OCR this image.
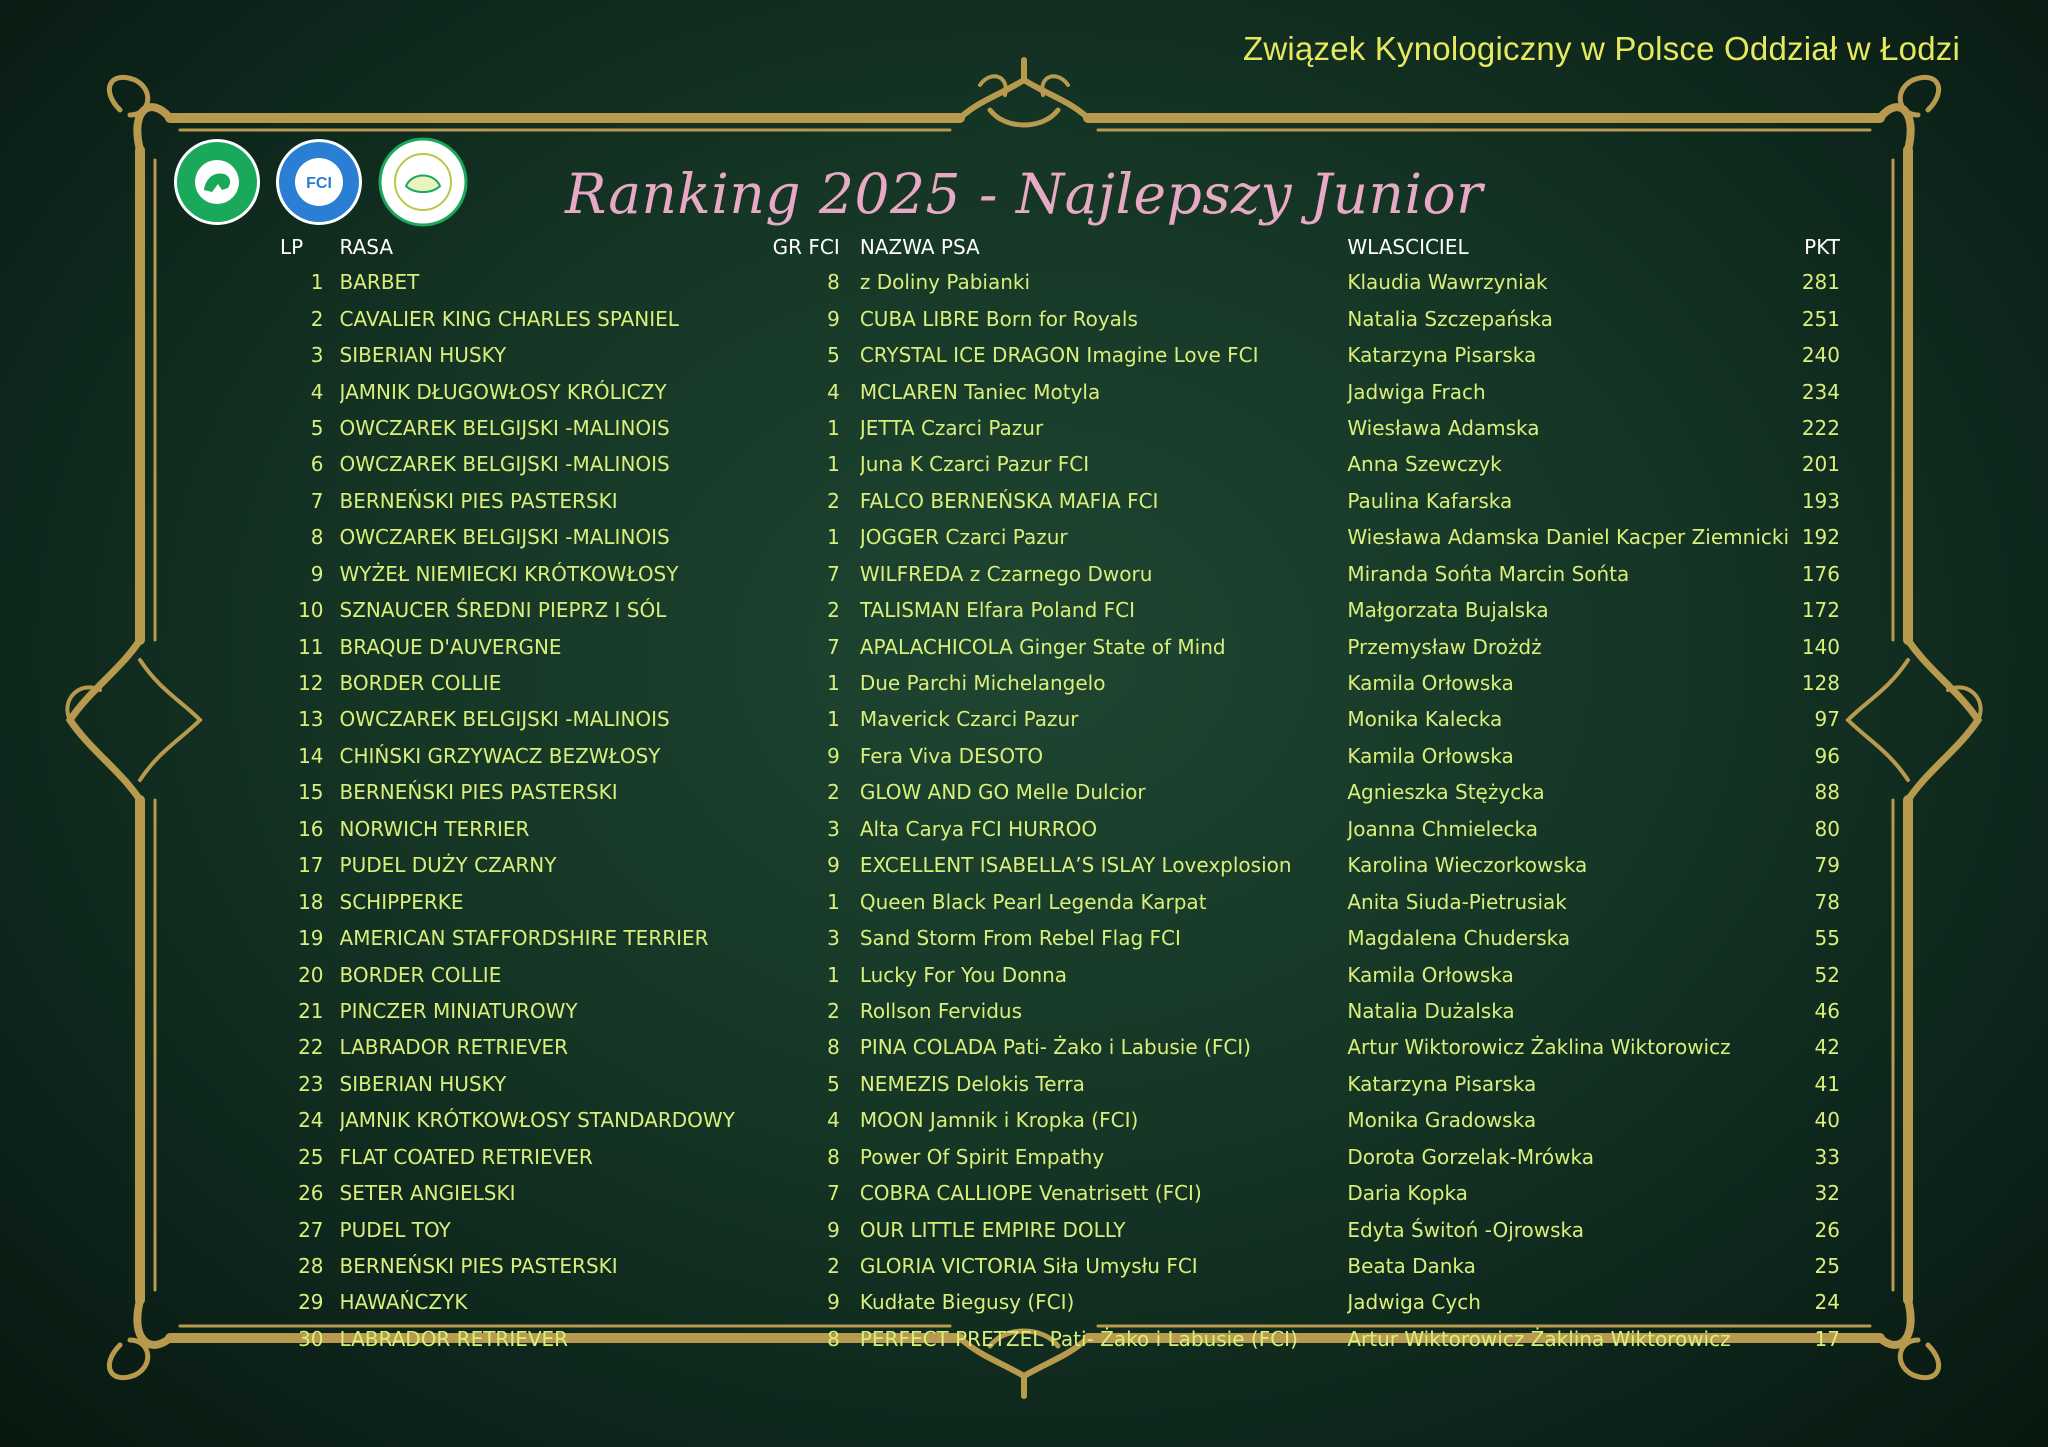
Związek Kynologiczny w Polsce Oddział w Łodzi
FCI	Ranking 2025 - Najlepszy Junior
LP	RASA	GR FCI	NAZWA PSA	WLASCICIEL	PKT
1	BARBET	8	z Doliny Pabianki	Klaudia Wawrzyniak	281
2	CAVALIER KING CHARLES SPANIEL	9	CUBA LIBRE Born for Royals	Natalia Szczepańska	251
3	SIBERIAN HUSKY	5	CRYSTAL ICE DRAGON Imagine Love FCI	Katarzyna Pisarska	240
4	JAMNIK DŁUGOWŁOSY KRÓLICZY	4	MCLAREN Taniec Motyla	Jadwiga Frach	234
5	OWCZAREK BELGIJSKI -MALINOIS	1	JETTA Czarci Pazur	Wiesława Adamska	222
6	OWCZAREK BELGIJSKI -MALINOIS	1	Juna K Czarci Pazur FCI	Anna Szewczyk	201
7	BERNEŃSKI PIES PASTERSKI	2	FALCO BERNEŃSKA MAFIA FCI	Paulina Kafarska	193
8	OWCZAREK BELGIJSKI -MALINOIS	1	JOGGER Czarci Pazur	Wiesława Adamska Daniel Kacper Ziemnicki	192
9	WYŻEŁ NIEMIECKI KRÓTKOWŁOSY	7	WILFREDA z Czarnego Dworu	Miranda Sońta Marcin Sońta	176
10	SZNAUCER ŚREDNI PIEPRZ I SÓL	2	TALISMAN Elfara Poland FCI	Małgorzata Bujalska	172
11	BRAQUE D'AUVERGNE	7	APALACHICOLA Ginger State of Mind	Przemysław Drożdż	140
12	BORDER COLLIE	1	Due Parchi Michelangelo	Kamila Orłowska	128
13	OWCZAREK BELGIJSKI -MALINOIS	1	Maverick Czarci Pazur	Monika Kalecka	97
14	CHIŃSKI GRZYWACZ BEZWŁOSY	9	Fera Viva DESOTO	Kamila Orłowska	96
15	BERNEŃSKI PIES PASTERSKI	2	GLOW AND GO Melle Dulcior	Agnieszka Stężycka	88
16	NORWICH TERRIER	3	Alta Carya FCI HURROO	Joanna Chmielecka	80
17	PUDEL DUŻY CZARNY	9	EXCELLENT ISABELLA’S ISLAY Lovexplosion	Karolina Wieczorkowska	79
18	SCHIPPERKE	1	Queen Black Pearl Legenda Karpat	Anita Siuda-Pietrusiak	78
19	AMERICAN STAFFORDSHIRE TERRIER	3	Sand Storm From Rebel Flag FCI	Magdalena Chuderska	55
20	BORDER COLLIE	1	Lucky For You Donna	Kamila Orłowska	52
21	PINCZER MINIATUROWY	2	Rollson Fervidus	Natalia Dużalska	46
22	LABRADOR RETRIEVER	8	PINA COLADA Pati- Żako i Labusie (FCI)	Artur Wiktorowicz Żaklina Wiktorowicz	42
23	SIBERIAN HUSKY	5	NEMEZIS Delokis Terra	Katarzyna Pisarska	41
24	JAMNIK KRÓTKOWŁOSY STANDARDOWY	4	MOON Jamnik i Kropka (FCI)	Monika Gradowska	40
25	FLAT COATED RETRIEVER	8	Power Of Spirit Empathy	Dorota Gorzelak-Mrówka	33
26	SETER ANGIELSKI	7	COBRA CALLIOPE Venatrisett (FCI)	Daria Kopka	32
27	PUDEL TOY	9	OUR LITTLE EMPIRE DOLLY	Edyta Świtoń -Ojrowska	26
28	BERNEŃSKI PIES PASTERSKI	2	GLORIA VICTORIA Siła Umysłu FCI	Beata Danka	25
29	HAWAŃCZYK	9	Kudłate Biegusy (FCI)	Jadwiga Cych	24
30	LABRADOR RETRIEVER	8	PERFECT PRETZEL Pati- Żako i Labusie (FCI)	Artur Wiktorowicz Żaklina Wiktorowicz	17
